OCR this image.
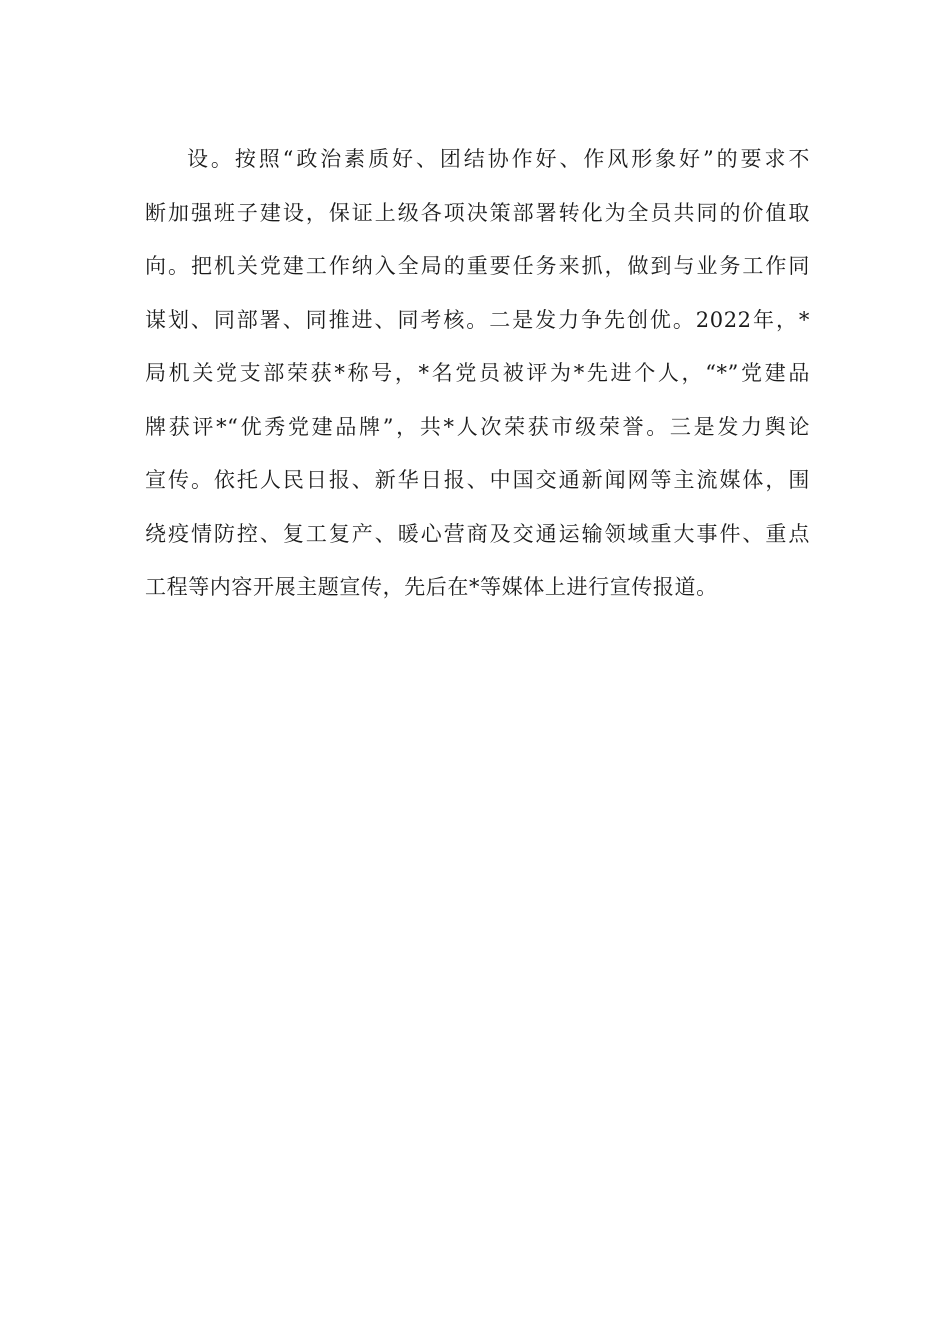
设。按照“政治素质好、团结协作好、作风形象好”的要求不
断加强班子建设，保证上级各项决策部署转化为全员共同的价值取
向。把机关党建工作纳入全局的重要任务来抓，做到与业务工作同
谋划、同部署、同推进、同考核。二是发力争先创优。2022年，*
局机关党支部荣获*称号，*名党员被评为*先进个人，“*”党建品
牌获评*“优秀党建品牌”，共*人次荣获市级荣誉。三是发力舆论
宣传。依托人民日报、新华日报、中国交通新闻网等主流媒体，围
绕疫情防控、复工复产、暖心营商及交通运输领域重大事件、重点
工程等内容开展主题宣传，先后在*等媒体上进行宣传报道。
